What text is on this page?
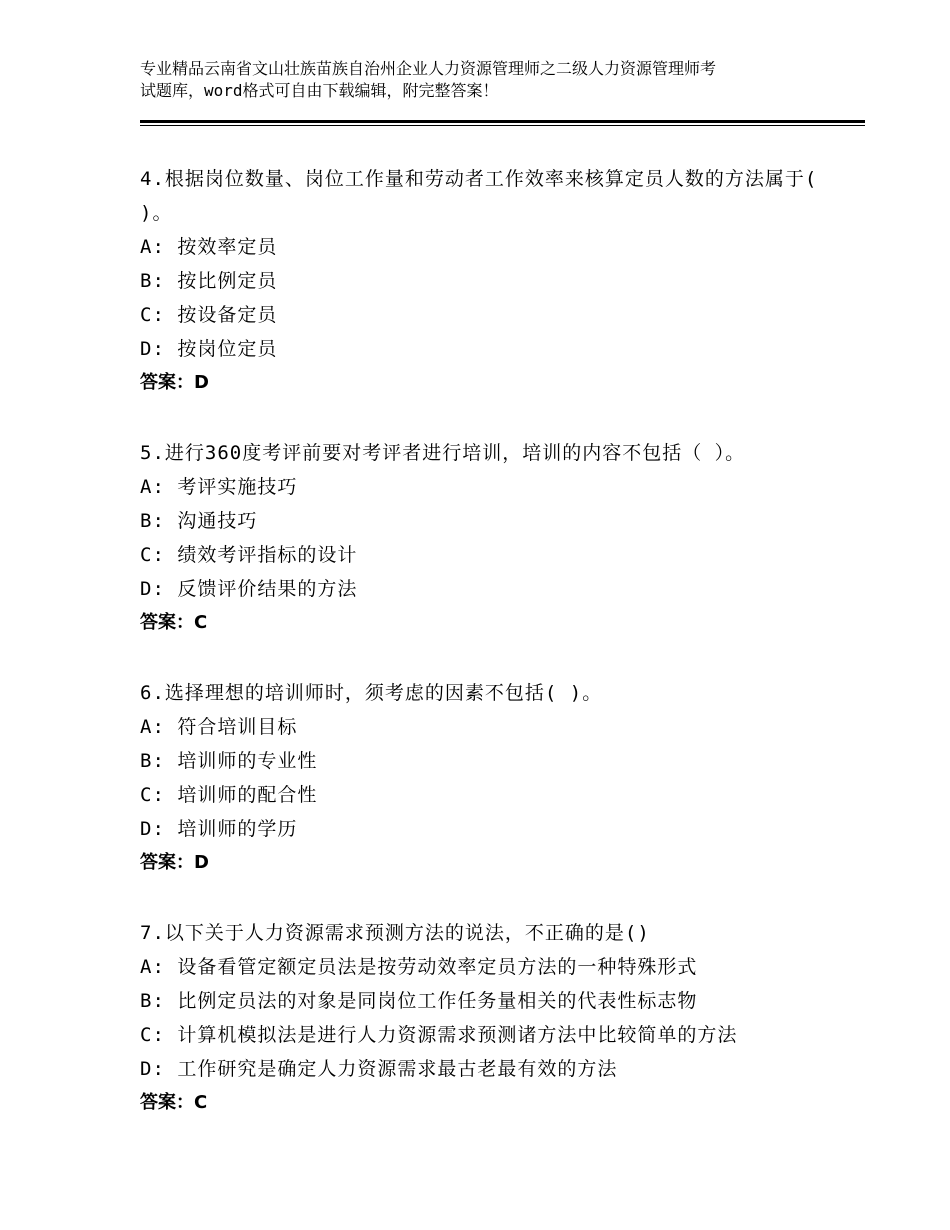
专业精品云南省文山壮族苗族自治州企业人力资源管理师之二级人力资源管理师考
试题库，word格式可自由下载编辑，附完整答案！

4.根据岗位数量、岗位工作量和劳动者工作效率来核算定员人数的方法属于( )。

A: 按效率定员

B: 按比例定员

C: 按设备定员

D: 按岗位定员

答案：D

5.进行360度考评前要对考评者进行培训，培训的内容不包括（ ）。

A: 考评实施技巧

B: 沟通技巧

C: 绩效考评指标的设计

D: 反馈评价结果的方法

答案：C

6.选择理想的培训师时，须考虑的因素不包括( )。

A: 符合培训目标

B: 培训师的专业性

C: 培训师的配合性

D: 培训师的学历

答案：D

7.以下关于人力资源需求预测方法的说法，不正确的是()

A: 设备看管定额定员法是按劳动效率定员方法的一种特殊形式

B: 比例定员法的对象是同岗位工作任务量相关的代表性标志物

C: 计算机模拟法是进行人力资源需求预测诸方法中比较简单的方法

D: 工作研究是确定人力资源需求最古老最有效的方法

答案：C
